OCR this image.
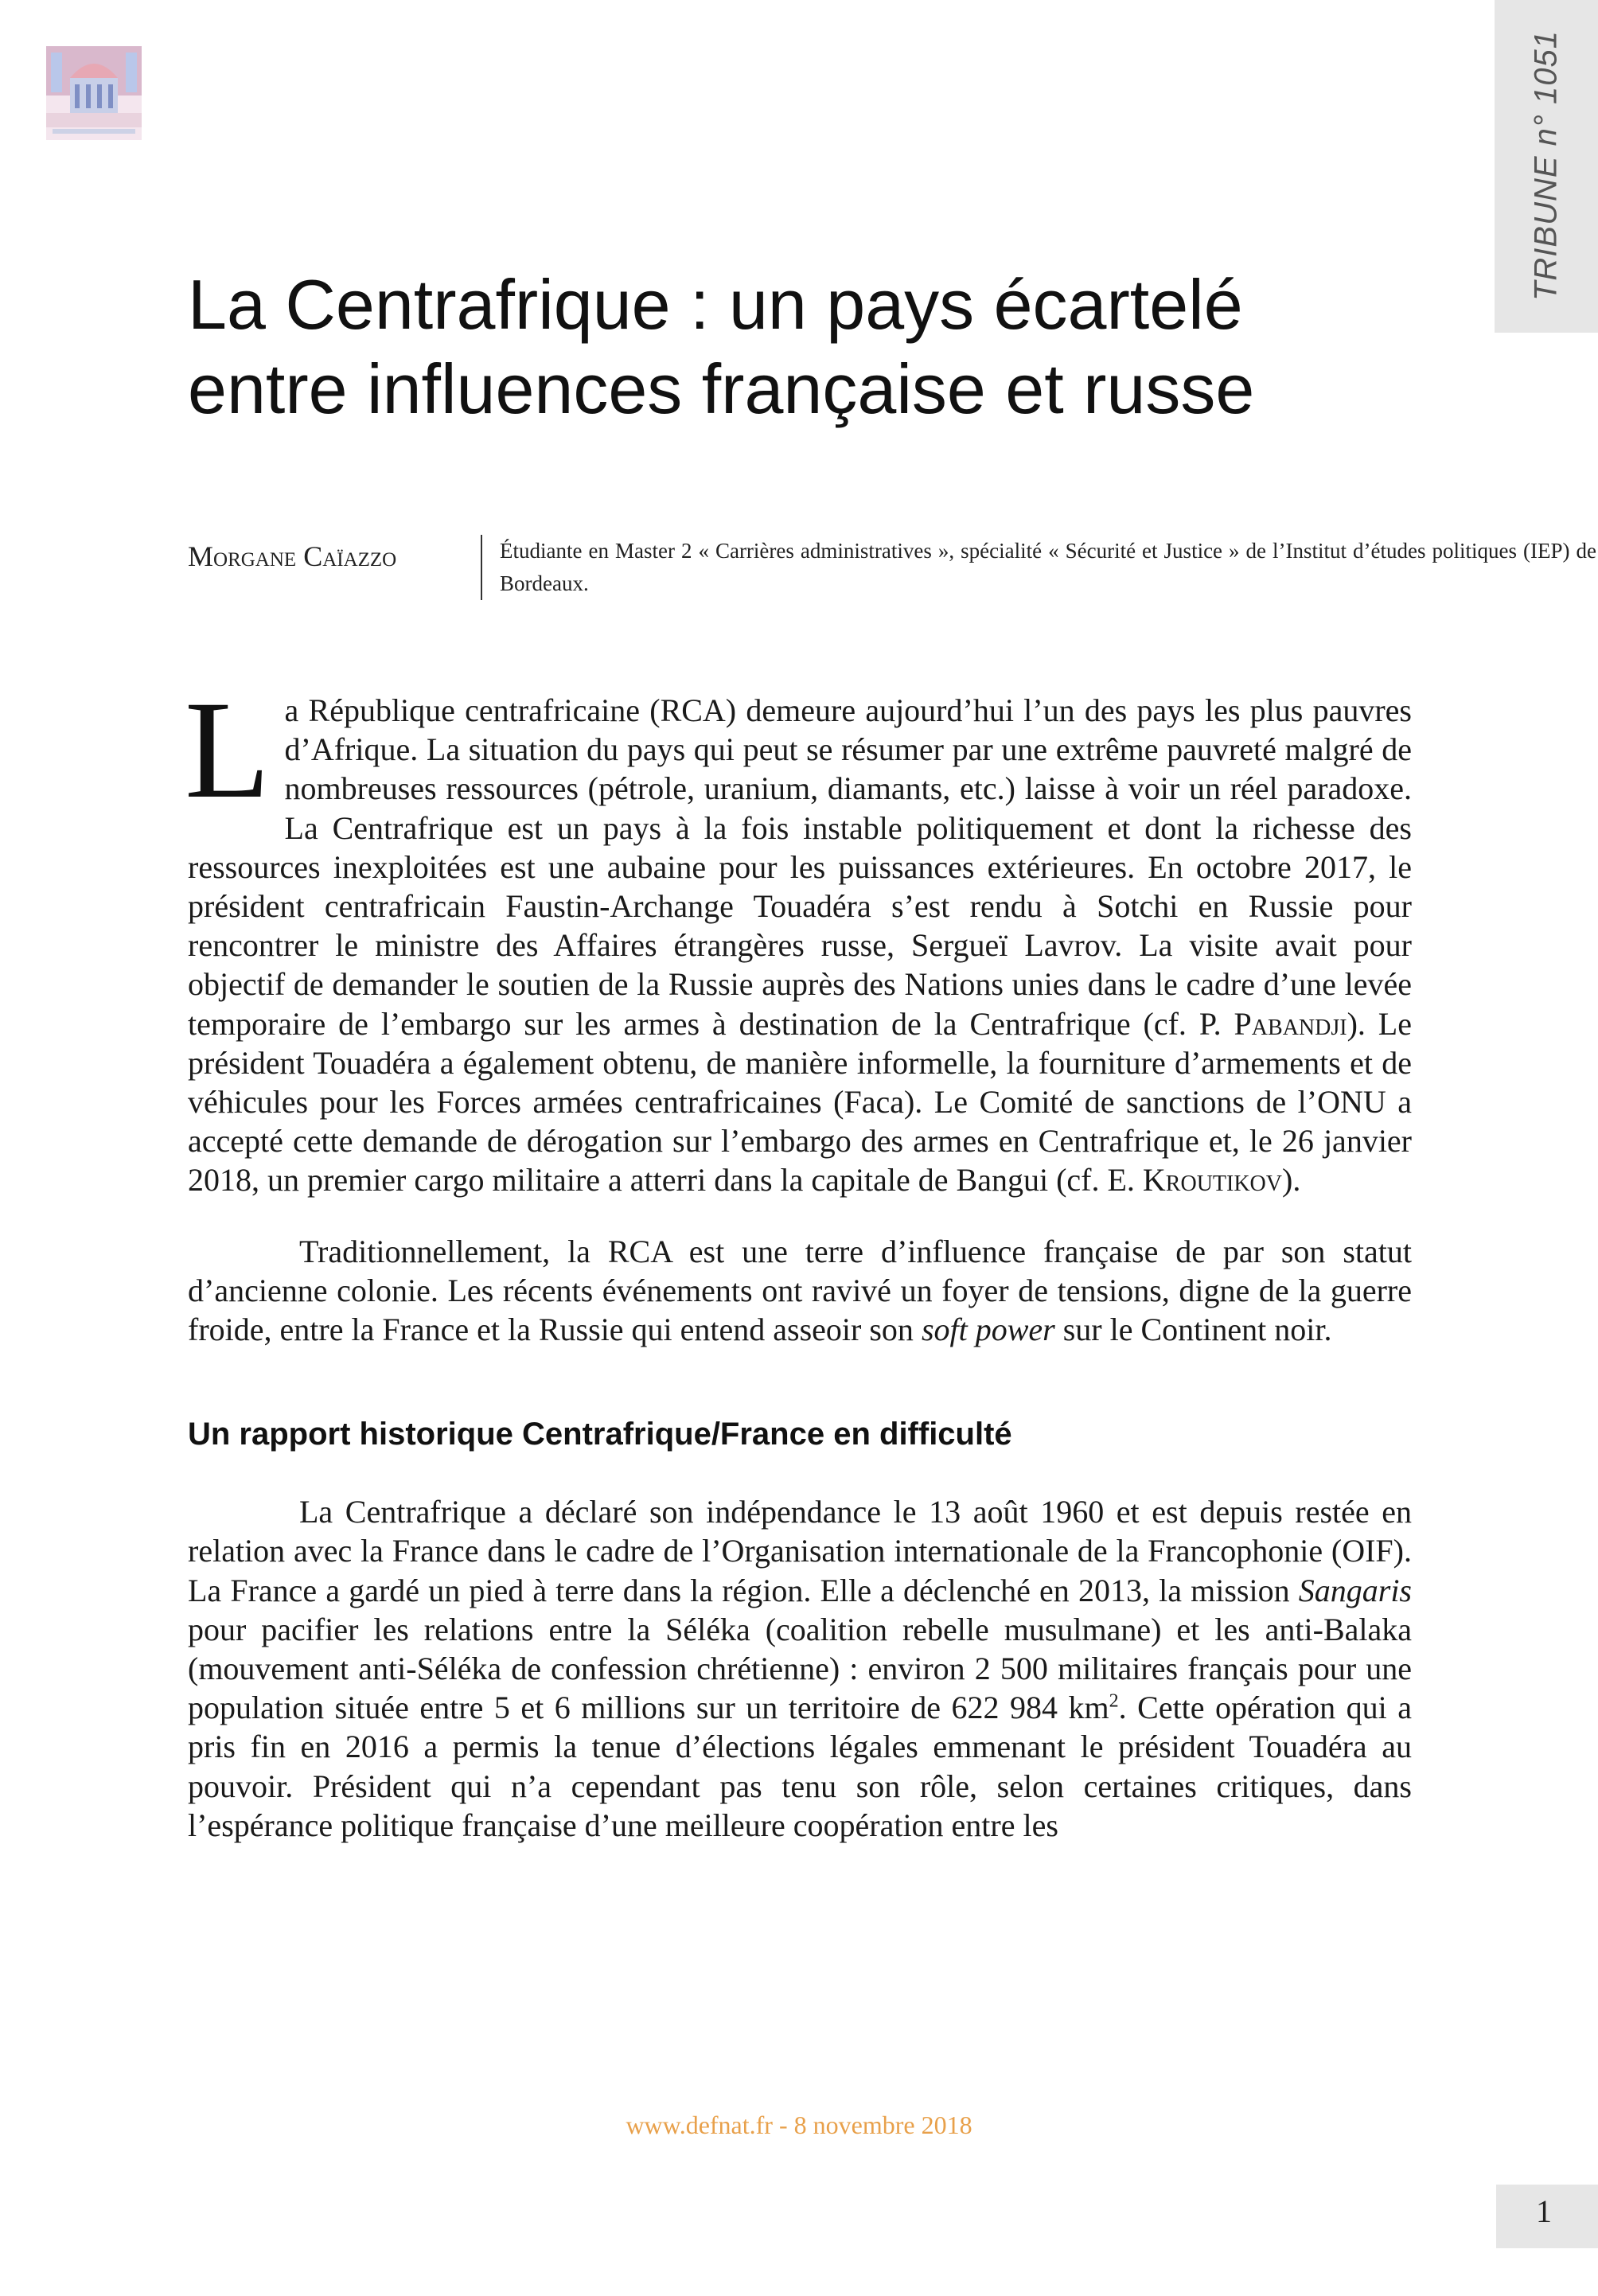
TRIBUNE n° 1051
La Centrafrique : un pays écartelé
entre influences française et russe
Morgane Caïazzo	Étudiante en Master 2 « Carrières administratives », spécialité « Sécurité et Justice » de l’Institut d’études politiques (IEP) de Bordeaux.

La République centrafricaine (RCA) demeure aujourd’hui l’un des pays les plus pauvres d’Afrique. La situation du pays qui peut se résumer par une extrême pauvreté malgré de nombreuses ressources (pétrole, uranium, diamants, etc.) laisse à voir un réel paradoxe. La Centrafrique est un pays à la fois instable politiquement et dont la richesse des ressources inexploitées est une aubaine pour les puissances extérieures. En octobre 2017, le président centrafricain Faustin-Archange Touadéra s’est rendu à Sotchi en Russie pour rencontrer le ministre des Affaires étrangères russe, Sergueï Lavrov. La visite avait pour objectif de demander le soutien de la Russie auprès des Nations unies dans le cadre d’une levée temporaire de l’embargo sur les armes à destination de la Centrafrique (cf. P. Pabandji). Le président Touadéra a également obtenu, de manière informelle, la fourniture d’armements et de véhicules pour les Forces armées centrafricaines (Faca). Le Comité de sanctions de l’ONU a accepté cette demande de dérogation sur l’embargo des armes en Centrafrique et, le 26 janvier 2018, un premier cargo militaire a atterri dans la capitale de Bangui (cf. E. Kroutikov).

Traditionnellement, la RCA est une terre d’influence française de par son statut d’ancienne colonie. Les récents événements ont ravivé un foyer de tensions, digne de la guerre froide, entre la France et la Russie qui entend asseoir son soft power sur le Continent noir.

Un rapport historique Centrafrique/France en difficulté

La Centrafrique a déclaré son indépendance le 13 août 1960 et est depuis restée en relation avec la France dans le cadre de l’Organisation internationale de la Francophonie (OIF). La France a gardé un pied à terre dans la région. Elle a déclenché en 2013, la mission Sangaris pour pacifier les relations entre la Séléka (coalition rebelle musulmane) et les anti-Balaka (mouvement anti-Séléka de confession chrétienne) : environ 2 500 militaires français pour une population située entre 5 et 6 millions sur un territoire de 622 984 $km^2$. Cette opération qui a pris fin en 2016 a permis la tenue d’élections légales emmenant le président Touadéra au pouvoir. Président qui n’a cependant pas tenu son rôle, selon certaines critiques, dans l’espérance politique française d’une meilleure coopération entre les

www.defnat.fr - 8 novembre 2018
1
